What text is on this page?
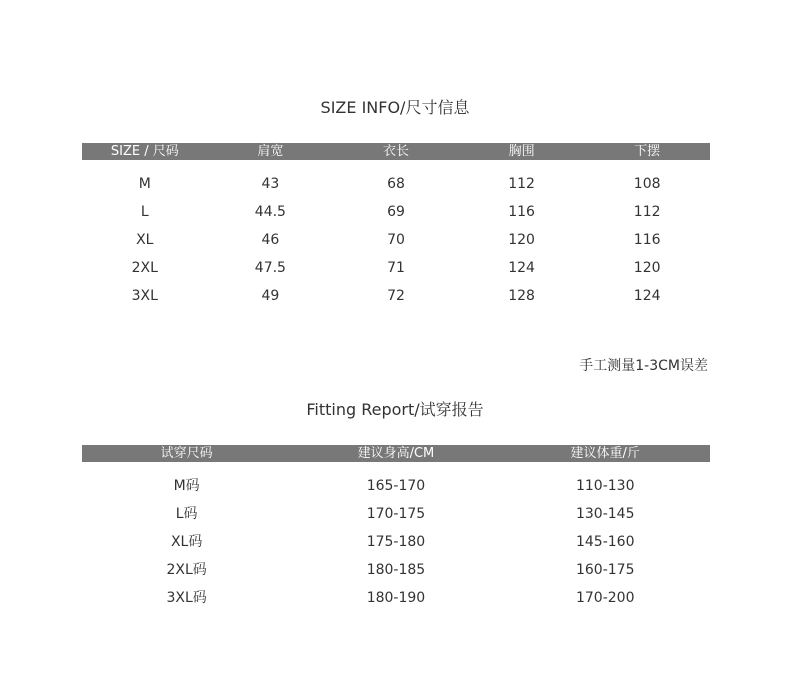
SIZE INFO/尺寸信息
SIZE / 尺码	肩宽	衣长	胸围	下摆
M	43	68	112	108
L	44.5	69	116	112
XL	46	70	120	116
2XL	47.5	71	124	120
3XL	49	72	128	124
手工测量1-3CM误差
Fitting Report/试穿报告
试穿尺码	建议身高/CM	建议体重/斤
M码	165-170	110-130
L码	170-175	130-145
XL码	175-180	145-160
2XL码	180-185	160-175
3XL码	180-190	170-200
